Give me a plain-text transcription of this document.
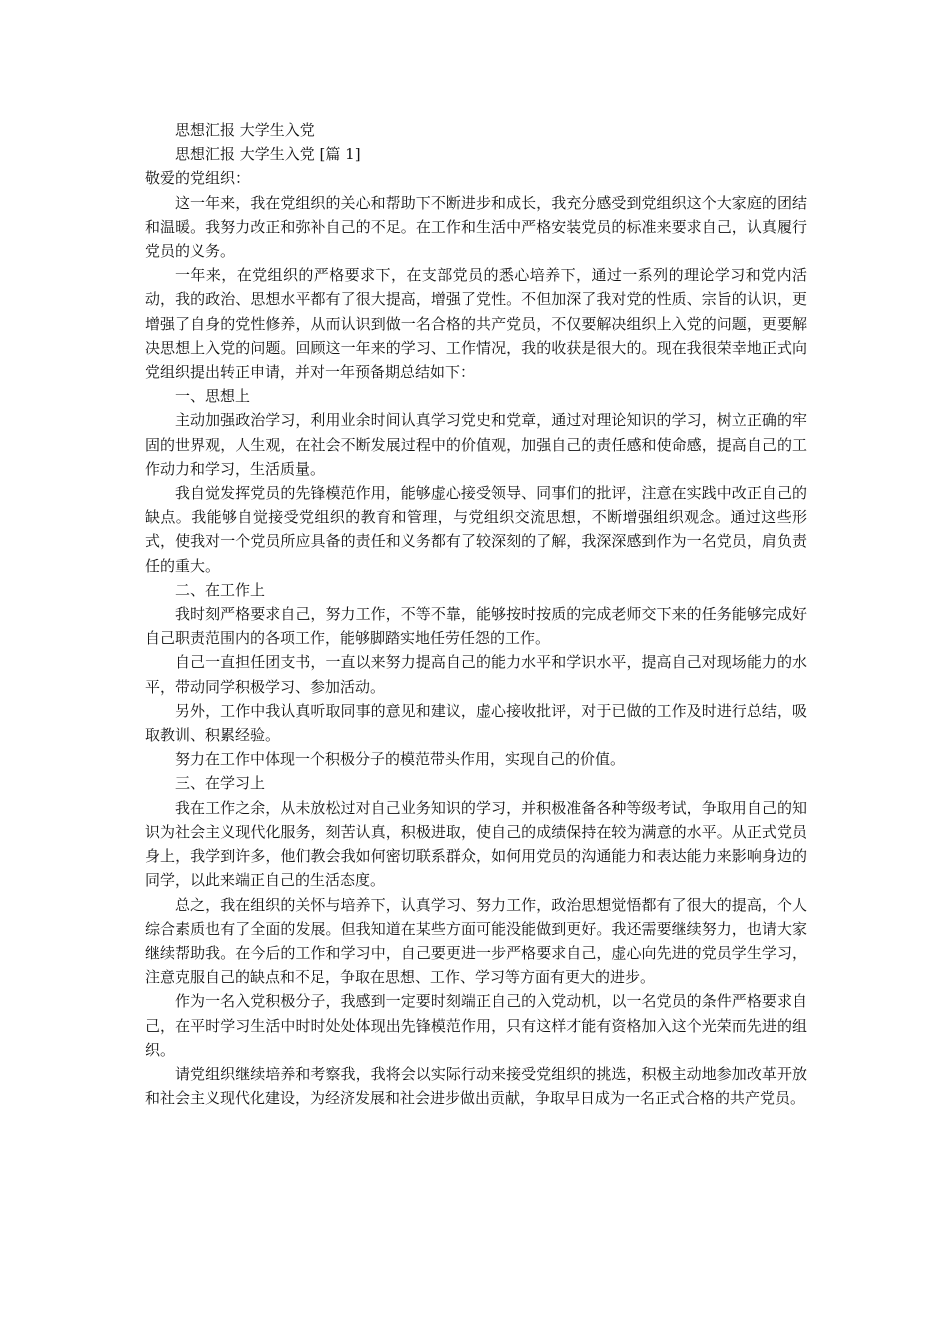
思想汇报 大学生入党

思想汇报 大学生入党 [篇 1]

敬爱的党组织：

这一年来，我在党组织的关心和帮助下不断进步和成长，我充分感受到党组织这个大家庭的团结和温暖。我努力改正和弥补自己的不足。在工作和生活中严格安装党员的标准来要求自己，认真履行党员的义务。

一年来，在党组织的严格要求下，在支部党员的悉心培养下，通过一系列的理论学习和党内活动，我的政治、思想水平都有了很大提高，增强了党性。不但加深了我对党的性质、宗旨的认识，更增强了自身的党性修养，从而认识到做一名合格的共产党员，不仅要解决组织上入党的问题，更要解决思想上入党的问题。回顾这一年来的学习、工作情况，我的收获是很大的。现在我很荣幸地正式向党组织提出转正申请，并对一年预备期总结如下：

一、思想上

主动加强政治学习，利用业余时间认真学习党史和党章，通过对理论知识的学习，树立正确的牢固的世界观，人生观，在社会不断发展过程中的价值观，加强自己的责任感和使命感，提高自己的工作动力和学习，生活质量。

我自觉发挥党员的先锋模范作用，能够虚心接受领导、同事们的批评，注意在实践中改正自己的缺点。我能够自觉接受党组织的教育和管理，与党组织交流思想，不断增强组织观念。通过这些形式，使我对一个党员所应具备的责任和义务都有了较深刻的了解，我深深感到作为一名党员，肩负责任的重大。

二、在工作上

我时刻严格要求自己，努力工作，不等不靠，能够按时按质的完成老师交下来的任务能够完成好自己职责范围内的各项工作，能够脚踏实地任劳任怨的工作。

自己一直担任团支书，一直以来努力提高自己的能力水平和学识水平，提高自己对现场能力的水平，带动同学积极学习、参加活动。

另外，工作中我认真听取同事的意见和建议，虚心接收批评，对于已做的工作及时进行总结，吸取教训、积累经验。

努力在工作中体现一个积极分子的模范带头作用，实现自己的价值。

三、在学习上

我在工作之余，从未放松过对自己业务知识的学习，并积极准备各种等级考试，争取用自己的知识为社会主义现代化服务，刻苦认真，积极进取，使自己的成绩保持在较为满意的水平。从正式党员身上，我学到许多，他们教会我如何密切联系群众，如何用党员的沟通能力和表达能力来影响身边的同学，以此来端正自己的生活态度。

总之，我在组织的关怀与培养下，认真学习、努力工作，政治思想觉悟都有了很大的提高，个人综合素质也有了全面的发展。但我知道在某些方面可能没能做到更好。我还需要继续努力，也请大家继续帮助我。在今后的工作和学习中，自己要更进一步严格要求自己，虚心向先进的党员学生学习，注意克服自己的缺点和不足，争取在思想、工作、学习等方面有更大的进步。

作为一名入党积极分子，我感到一定要时刻端正自己的入党动机，以一名党员的条件严格要求自己，在平时学习生活中时时处处体现出先锋模范作用，只有这样才能有资格加入这个光荣而先进的组织。

请党组织继续培养和考察我，我将会以实际行动来接受党组织的挑选，积极主动地参加改革开放和社会主义现代化建设，为经济发展和社会进步做出贡献，争取早日成为一名正式合格的共产党员。
